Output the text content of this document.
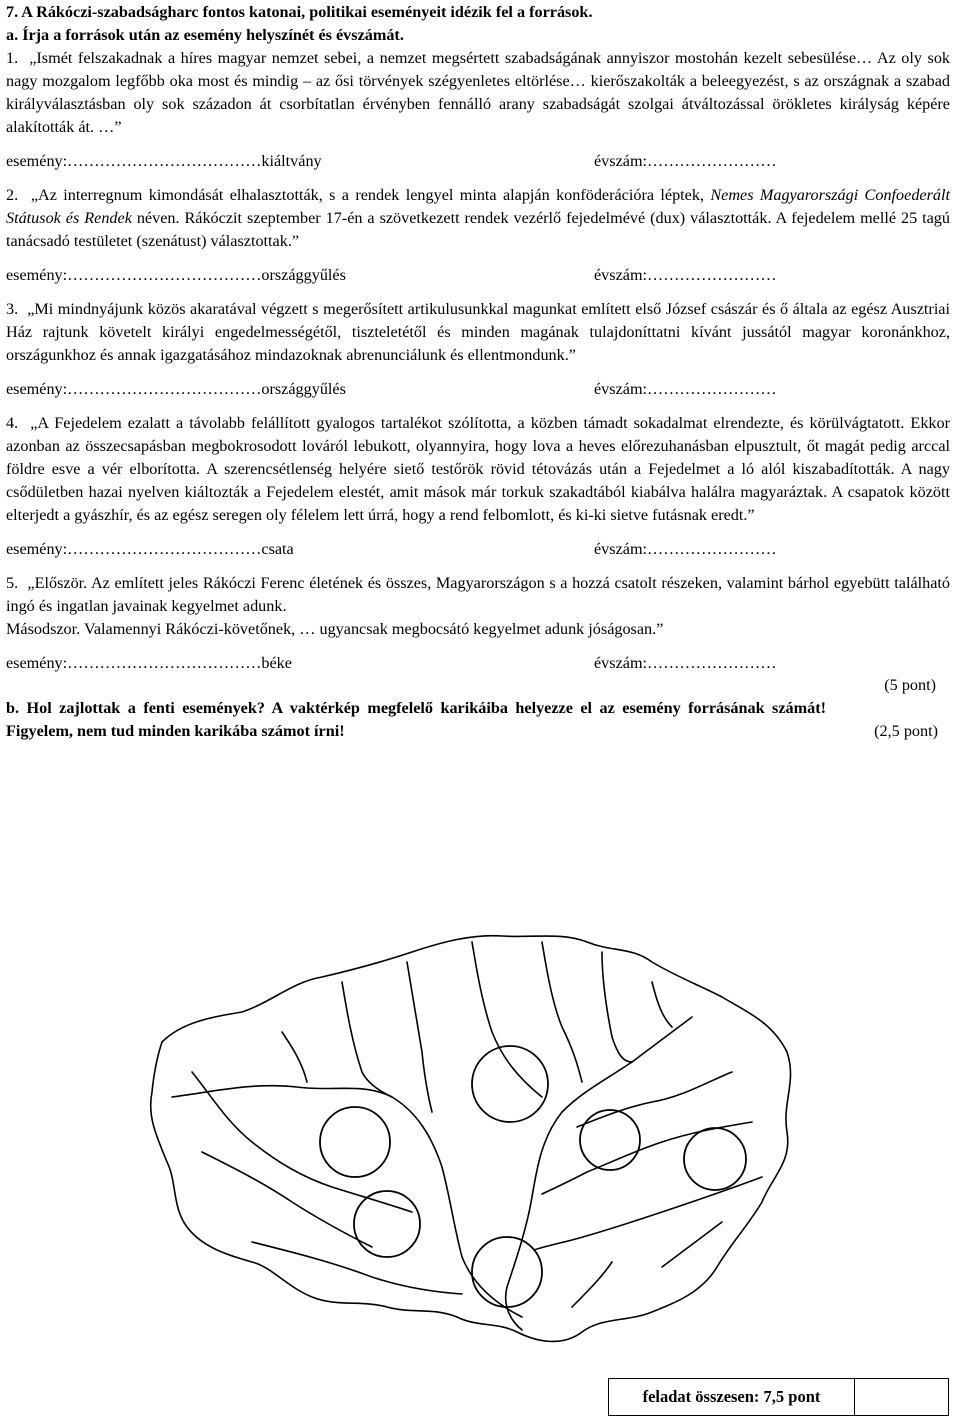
7. A Rákóczi-szabadságharc fontos katonai, politikai eseményeit idézik fel a források.
a. Írja a források után az esemény helyszínét és évszámát.

1. „Ismét felszakadnak a híres magyar nemzet sebei, a nemzet megsértett szabadságának annyiszor mostohán kezelt sebesülése… Az oly sok nagy mozgalom legfőbb oka most és mindig – az ősi törvények szégyenletes eltörlése… kierőszakolták a beleegyezést, s az országnak a szabad királyválasztásban oly sok századon át csorbítatlan érvényben fennálló arany szabadságát szolgai átváltozással örökletes királyság képére alakították át. …”

esemény:………………………………kiáltvány	évszám:……………………

2. „Az interregnum kimondását elhalasztották, s a rendek lengyel minta alapján konföderációra léptek, Nemes Magyarországi Confoederált Státusok és Rendek néven. Rákóczit szeptember 17-én a szövetkezett rendek vezérlő fejedelmévé (dux) választották. A fejedelem mellé 25 tagú tanácsadó testületet (szenátust) választottak.”

esemény:………………………………országgyűlés	évszám:……………………

3. „Mi mindnyájunk közös akaratával végzett s megerősített artikulusunkkal magunkat említett első József császár és ő általa az egész Ausztriai Ház rajtunk követelt királyi engedelmességétől, tiszteletétől és minden magának tulajdoníttatni kívánt jussától magyar koronánkhoz, országunkhoz és annak igazgatásához mindazoknak abrenunciálunk és ellentmondunk.”

esemény:………………………………országgyűlés	évszám:……………………

4. „A Fejedelem ezalatt a távolabb felállított gyalogos tartalékot szólította, a közben támadt sokadalmat elrendezte, és körülvágtatott. Ekkor azonban az összecsapásban megbokrosodott lováról lebukott, olyannyira, hogy lova a heves előrezuhanásban elpusztult, őt magát pedig arccal földre esve a vér elborította. A szerencsétlenség helyére siető testőrök rövid tétovázás után a Fejedelmet a ló alól kiszabadították. A nagy csődületben hazai nyelven kiáltozták a Fejedelem elestét, amit mások már torkuk szakadtából kiabálva halálra magyaráztak. A csapatok között elterjedt a gyászhír, és az egész seregen oly félelem lett úrrá, hogy a rend felbomlott, és ki-ki sietve futásnak eredt.”

esemény:………………………………csata	évszám:……………………

5. „Először. Az említett jeles Rákóczi Ferenc életének és összes, Magyarországon s a hozzá csatolt részeken, valamint bárhol egyebütt található ingó és ingatlan javainak kegyelmet adunk.

Másodszor. Valamennyi Rákóczi-követőnek, … ugyancsak megbocsátó kegyelmet adunk jóságosan.”

esemény:………………………………béke	évszám:……………………
(5 pont)
b. Hol zajlottak a fenti események? A vaktérkép megfelelő karikáiba helyezze el az esemény forrásának számát! Figyelem, nem tud minden karikába számot írni!	(2,5 pont)
feladat összesen: 7,5 pont
